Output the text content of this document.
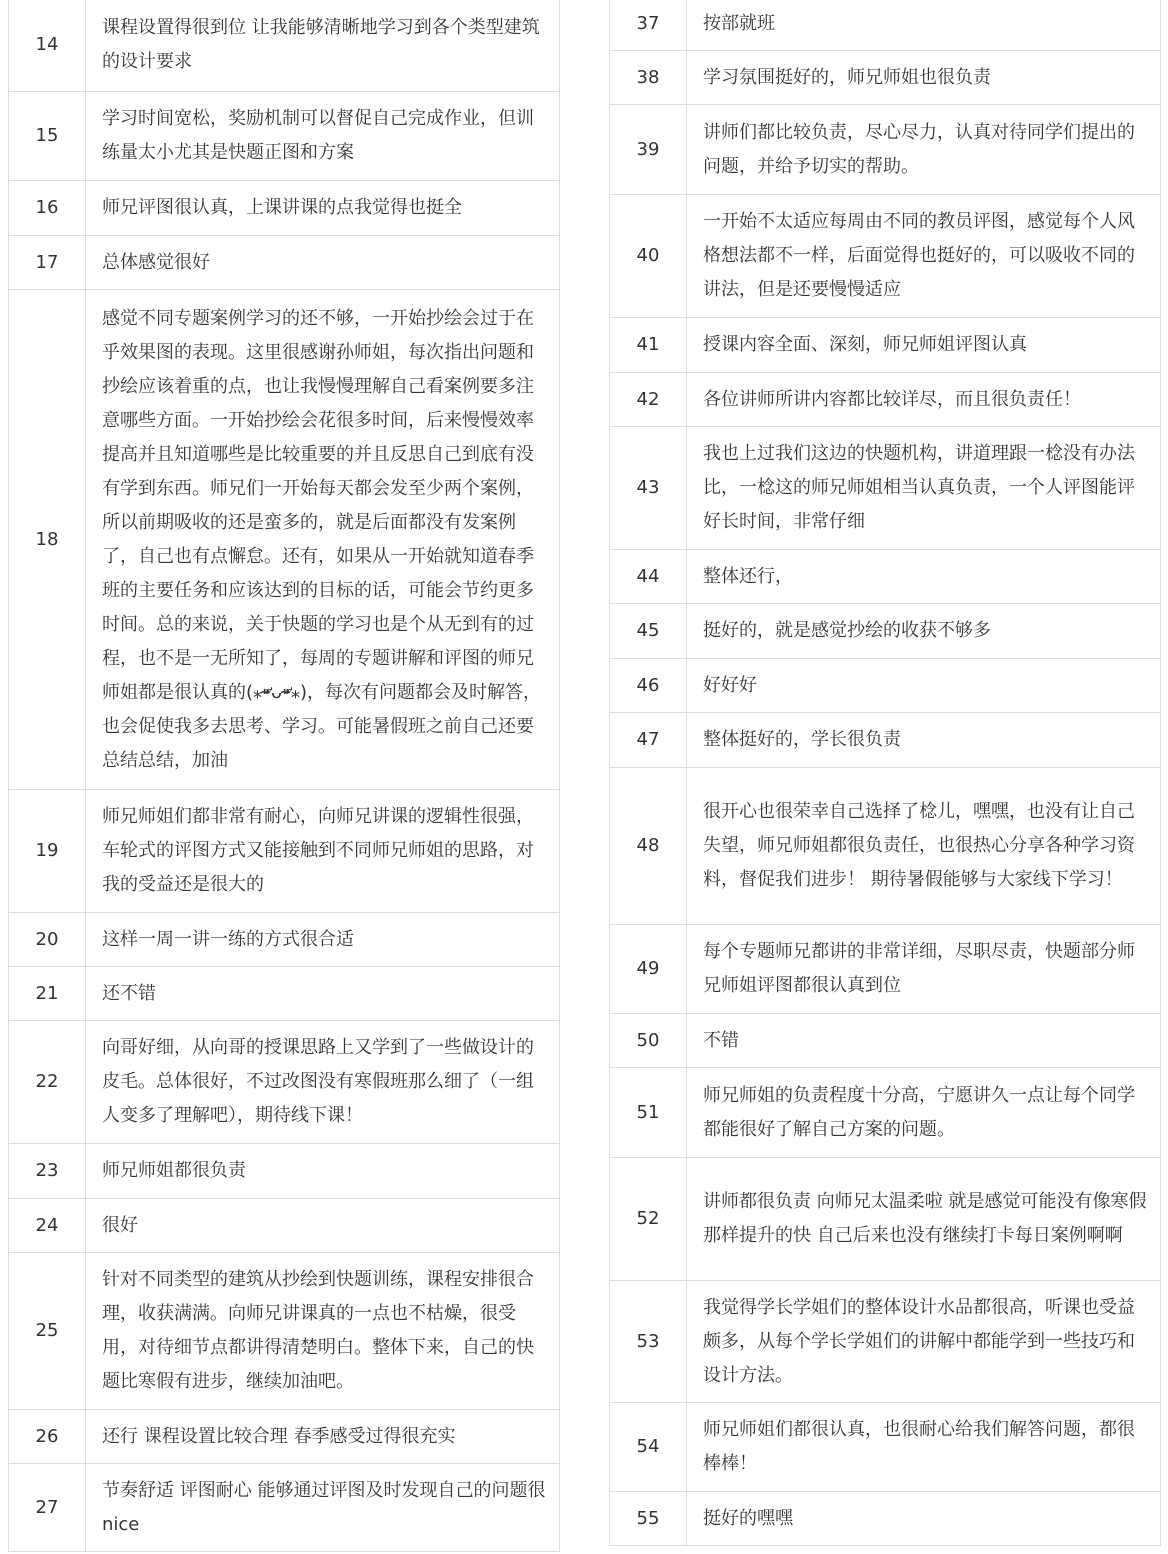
14	课程设置得很到位 让我能够清晰地学习到各个类型建筑的设计要求
15	学习时间宽松，奖励机制可以督促自己完成作业，但训练量太小尤其是快题正图和方案
16	师兄评图很认真，上课讲课的点我觉得也挺全
17	总体感觉很好
18	感觉不同专题案例学习的还不够，一开始抄绘会过于在乎效果图的表现。这里很感谢孙师姐，每次指出问题和抄绘应该着重的点，也让我慢慢理解自己看案例要多注意哪些方面。一开始抄绘会花很多时间，后来慢慢效率提高并且知道哪些是比较重要的并且反思自己到底有没有学到东西。师兄们一开始每天都会发至少两个案例，所以前期吸收的还是蛮多的，就是后面都没有发案例了，自己也有点懈怠。还有，如果从一开始就知道春季班的主要任务和应该达到的目标的话，可能会节约更多时间。总的来说，关于快题的学习也是个从无到有的过程，也不是一无所知了，每周的专题讲解和评图的师兄师姐都是很认真的(⁎⁍̴̛ᴗ⁍̴̛⁎)，每次有问题都会及时解答，也会促使我多去思考、学习。可能暑假班之前自己还要总结总结，加油
19	师兄师姐们都非常有耐心，向师兄讲课的逻辑性很强，车轮式的评图方式又能接触到不同师兄师姐的思路，对我的受益还是很大的
20	这样一周一讲一练的方式很合适
21	还不错
22	向哥好细，从向哥的授课思路上又学到了一些做设计的皮毛。总体很好，不过改图没有寒假班那么细了（一组人变多了理解吧），期待线下课！
23	师兄师姐都很负责
24	很好
25	针对不同类型的建筑从抄绘到快题训练，课程安排很合理，收获满满。向师兄讲课真的一点也不枯燥，很受用，对待细节点都讲得清楚明白。整体下来，自己的快题比寒假有进步，继续加油吧。
26	还行 课程设置比较合理 春季感受过得很充实
27	节奏舒适 评图耐心 能够通过评图及时发现自己的问题很nice
37	按部就班
38	学习氛围挺好的，师兄师姐也很负责
39	讲师们都比较负责，尽心尽力，认真对待同学们提出的问题，并给予切实的帮助。
40	一开始不太适应每周由不同的教员评图，感觉每个人风格想法都不一样，后面觉得也挺好的，可以吸收不同的讲法，但是还要慢慢适应
41	授课内容全面、深刻，师兄师姐评图认真
42	各位讲师所讲内容都比较详尽，而且很负责任！
43	我也上过我们这边的快题机构，讲道理跟一棯没有办法比，一棯这的师兄师姐相当认真负责，一个人评图能评好长时间，非常仔细
44	整体还行，
45	挺好的，就是感觉抄绘的收获不够多
46	好好好
47	整体挺好的，学长很负责
48	很开心也很荣幸自己选择了棯儿，嘿嘿，也没有让自己失望，师兄师姐都很负责任，也很热心分享各种学习资料，督促我们进步！ 期待暑假能够与大家线下学习！
49	每个专题师兄都讲的非常详细，尽职尽责，快题部分师兄师姐评图都很认真到位
50	不错
51	师兄师姐的负责程度十分高，宁愿讲久一点让每个同学都能很好了解自己方案的问题。
52	讲师都很负责 向师兄太温柔啦 就是感觉可能没有像寒假那样提升的快 自己后来也没有继续打卡每日案例啊啊
53	我觉得学长学姐们的整体设计水品都很高，听课也受益颇多，从每个学长学姐们的讲解中都能学到一些技巧和设计方法。
54	师兄师姐们都很认真，也很耐心给我们解答问题，都很棒棒！
55	挺好的嘿嘿
